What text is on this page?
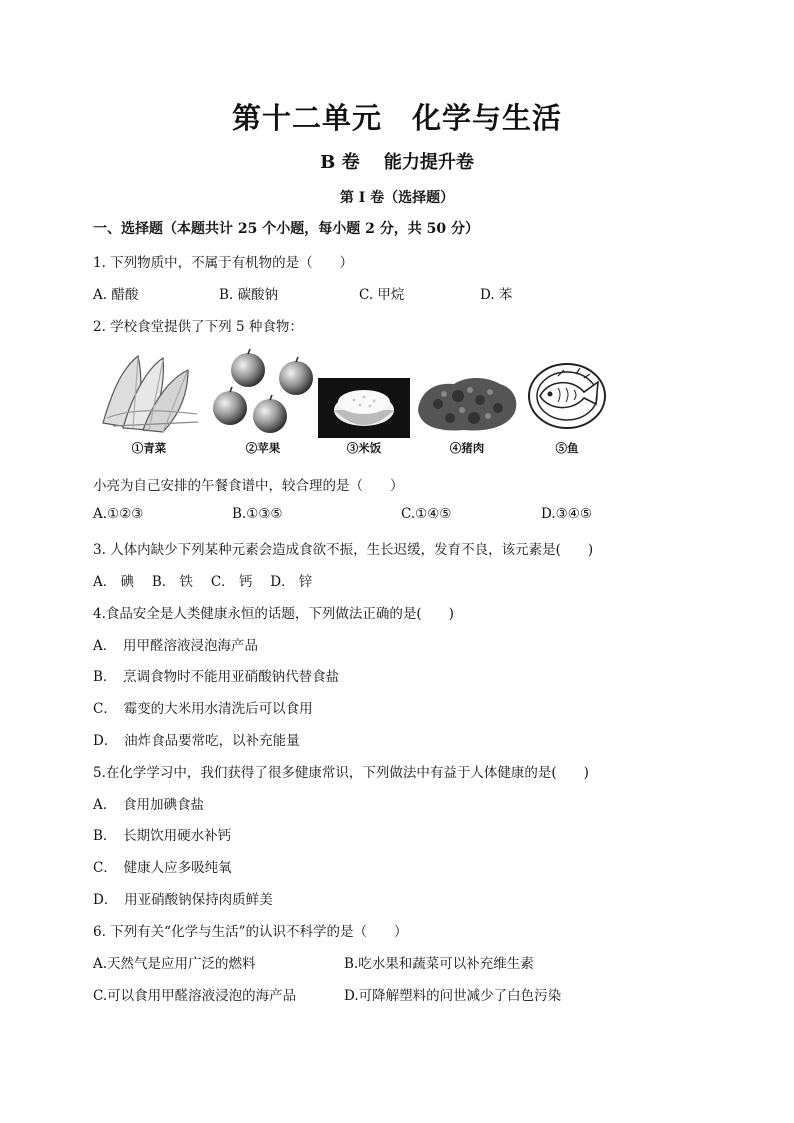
第十二单元　化学与生活
B 卷　 能力提升卷
第 I 卷（选择题）
一、选择题（本题共计 25 个小题，每小题 2 分，共 50 分）
1. 下列物质中，不属于有机物的是（　　）
A. 醋酸	B. 碳酸钠	C. 甲烷	D. 苯
2. 学校食堂提供了下列 5 种食物：
①青菜	②苹果	③米饭	④猪肉	⑤鱼
小亮为自己安排的午餐食谱中，较合理的是（　　）
A.①②③	B.①③⑤	C.①④⑤	D.③④⑤
3. 人体内缺少下列某种元素会造成食欲不振，生长迟缓，发育不良，该元素是(　　)
A． 碘　 B． 铁　 C． 钙　 D． 锌
4.食品安全是人类健康永恒的话题，下列做法正确的是(　　)
A．　用甲醛溶液浸泡海产品
B．　烹调食物时不能用亚硝酸钠代替食盐
C．　霉变的大米用水清洗后可以食用
D．　油炸食品要常吃，以补充能量
5.在化学学习中，我们获得了很多健康常识，下列做法中有益于人体健康的是(　　)
A．　食用加碘食盐
B．　长期饮用硬水补钙
C．　健康人应多吸纯氧
D．　用亚硝酸钠保持肉质鲜美
6. 下列有关“化学与生活”的认识不科学的是（　　）
A.天然气是应用广泛的燃料	B.吃水果和蔬菜可以补充维生素
C.可以食用甲醛溶液浸泡的海产品	D.可降解塑料的问世减少了白色污染
